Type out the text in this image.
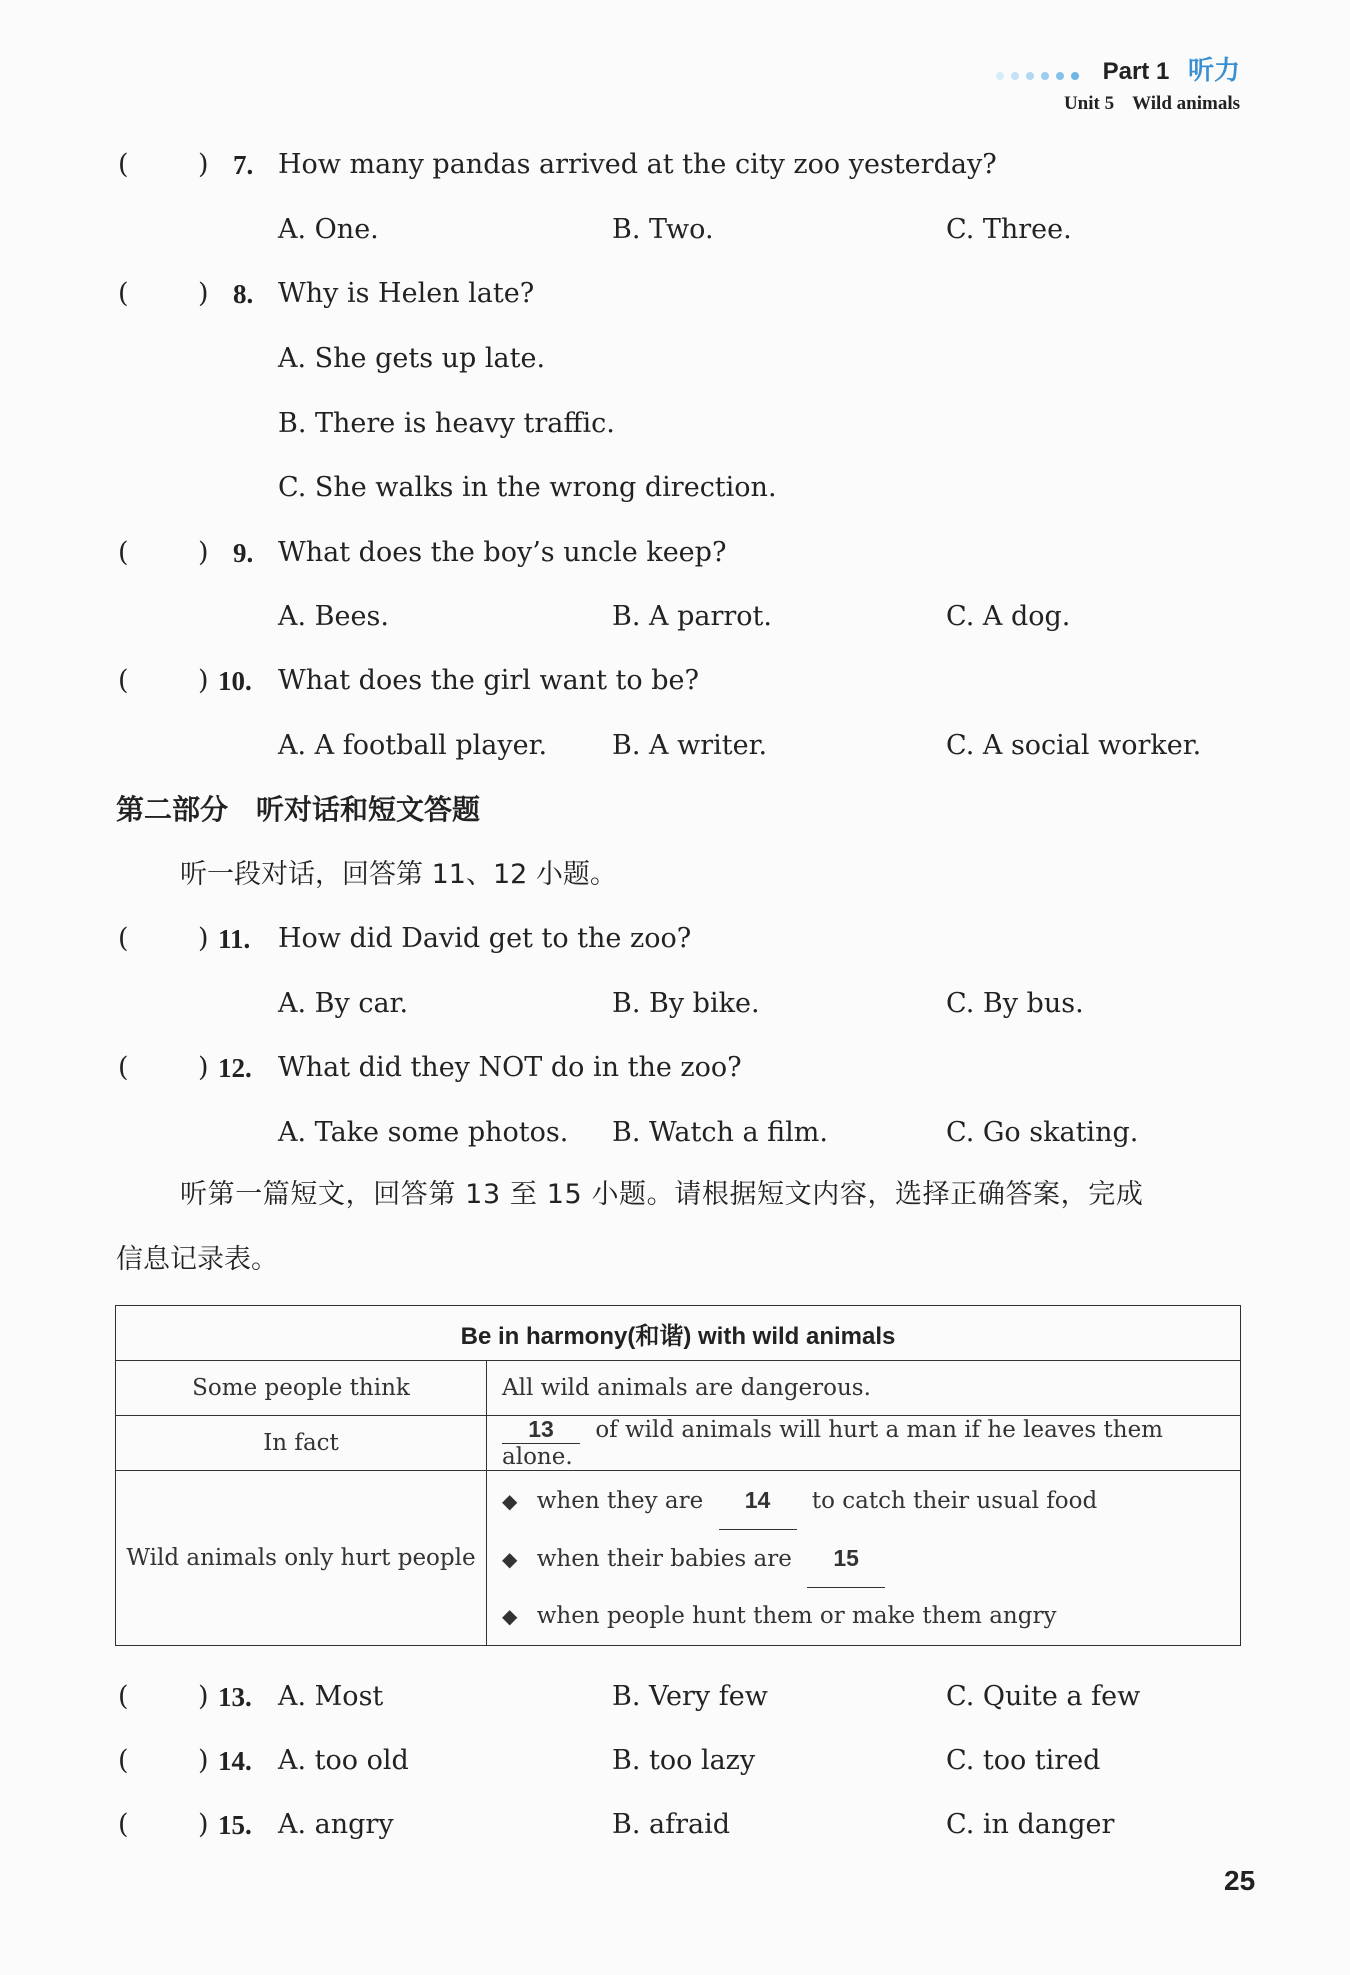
Part 1 听力
Unit 5 Wild animals
(	) 7. How many pandas arrived at the city zoo yesterday?
A. One.	B. Two.	C. Three.
(	) 8. Why is Helen late?
A. She gets up late.
B. There is heavy traffic.
C. She walks in the wrong direction.
(	) 9. What does the boy’s uncle keep?
A. Bees.	B. A parrot.	C. A dog.
(	) 10. What does the girl want to be?
A. A football player. B. A writer.	C. A social worker.
第二部分　听对话和短文答题
听一段对话，回答第 11、12 小题。
(	) 11. How did David get to the zoo?
A. By car.	B. By bike.	C. By bus.
(	) 12. What did they NOT do in the zoo?
A. Take some photos. B. Watch a film.	C. Go skating.
听第一篇短文，回答第 13 至 15 小题。请根据短文内容，选择正确答案，完成
信息记录表。
Be in harmony(和谐) with wild animals	
Some people think	All wild animals are dangerous.
In fact	13 of wild animals will hurt a man if he leaves them alone.
Wild animals only hurt people	◆ when they are 14 to catch their usual food
◆ when their babies are 15
◆ when people hunt them or make them angry
(	) 13. A. Most	B. Very few	C. Quite a few
(	) 14. A. too old	B. too lazy	C. too tired
(	) 15. A. angry	B. afraid	C. in danger
25
